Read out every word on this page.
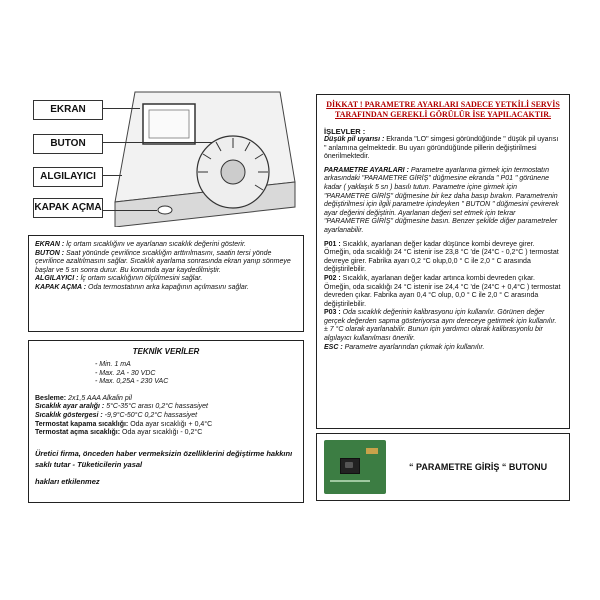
EKRAN
BUTON
ALGILAYICI
KAPAK AÇMA

EKRAN : İç ortam sıcaklığını ve ayarlanan sıcaklık değerini gösterir.

BUTON : Saat yönünde çevrilince sıcaklığın arttırılmasını, saatin tersi yönde çevrilince azaltılmasını sağlar. Sıcaklık ayarlama sonrasında ekran yanıp sönmeye başlar ve 5 sn sonra durur. Bu konumda ayar kaydedilmiştir.

ALGILAYICI : İç ortam sıcaklığının ölçülmesini sağlar.

KAPAK AÇMA : Oda termostatının arka kapağının açılmasını sağlar.

TEKNİK VERİLER

- Min. 1 mA

- Max. 2A - 30 VDC

- Max. 0,25A - 230 VAC

Besleme: 2x1,5 AAA Alkalin pil

Sıcaklık ayar aralığı : 5°C-35°C arası 0,2°C hassasiyet

Sıcaklık göstergesi : -9,9°C-50°C 0,2°C hassasiyet

Termostat kapama sıcaklığı: Oda ayar sıcaklığı + 0,4°C

Termostat açma sıcaklığı: Oda ayar sıcaklığı - 0,2°C

Üretici firma, önceden haber vermeksizin özelliklerini değiştirme hakkını saklı tutar - Tüketicilerin yasal

hakları etkilenmez

DİKKAT ! PARAMETRE AYARLARI SADECE YETKİLİ SERVİS TARAFINDAN GEREKLİ GÖRÜLÜR İSE YAPILACAKTIR.

İŞLEVLER :

Düşük pil uyarısı : Ekranda "LO" simgesi göründüğünde " düşük pil uyarısı " anlamına gelmektedir. Bu uyarı göründüğünde pillerin değiştirilmesi önerilmektedir.

PARAMETRE AYARLARI : Parametre ayarlarına girmek için termostatın arkasındaki "PARAMETRE GİRİŞ" düğmesine ekranda " P01 " görünene kadar ( yaklaşık 5 sn ) basılı tutun. Parametre içine girmek için "PARAMETRE GİRİŞ" düğmesine bir kez daha basıp bırakın. Parametrenin değiştirilmesi için ilgili parametre içindeyken " BUTON " düğmesini çevirerek ayar değerini değiştirin. Ayarlanan değeri set etmek için tekrar "PARAMETRE GİRİŞ" düğmesine basın. Benzer şekilde diğer parametreler ayarlanabilir.

P01 : Sıcaklık, ayarlanan değer kadar düşünce kombi devreye girer. Örneğin, oda sıcaklığı 24 °C istenir ise 23,8 °C 'de (24°C - 0,2°C ) termostat devreye girer. Fabrika ayarı 0,2 °C olup,0,0 ° C ile 2,0 ° C arasında değiştirilebilir.

P02 : Sıcaklık, ayarlanan değer kadar artınca kombi devreden çıkar. Örneğin, oda sıcaklığı 24 °C istenir ise 24,4 °C 'de (24°C + 0,4°C ) termostat devreden çıkar. Fabrika ayarı 0,4 °C olup, 0,0 ° C ile 2,0 ° C arasında değiştirilebilir.

P03 : Oda sıcaklık değerinin kalibrasyonu için kullanılır. Görünen değer gerçek değerden sapma gösteriyorsa aynı dereceye getirmek için kullanılır. ± 7 °C olarak ayarlanabilir. Bunun için yardımcı olarak kalibrasyonlu bir algılayıcı kullanılması önerilir.

ESC : Parametre ayarlarından çıkmak için kullanılır.

“ PARAMETRE GİRİŞ “ BUTONU
